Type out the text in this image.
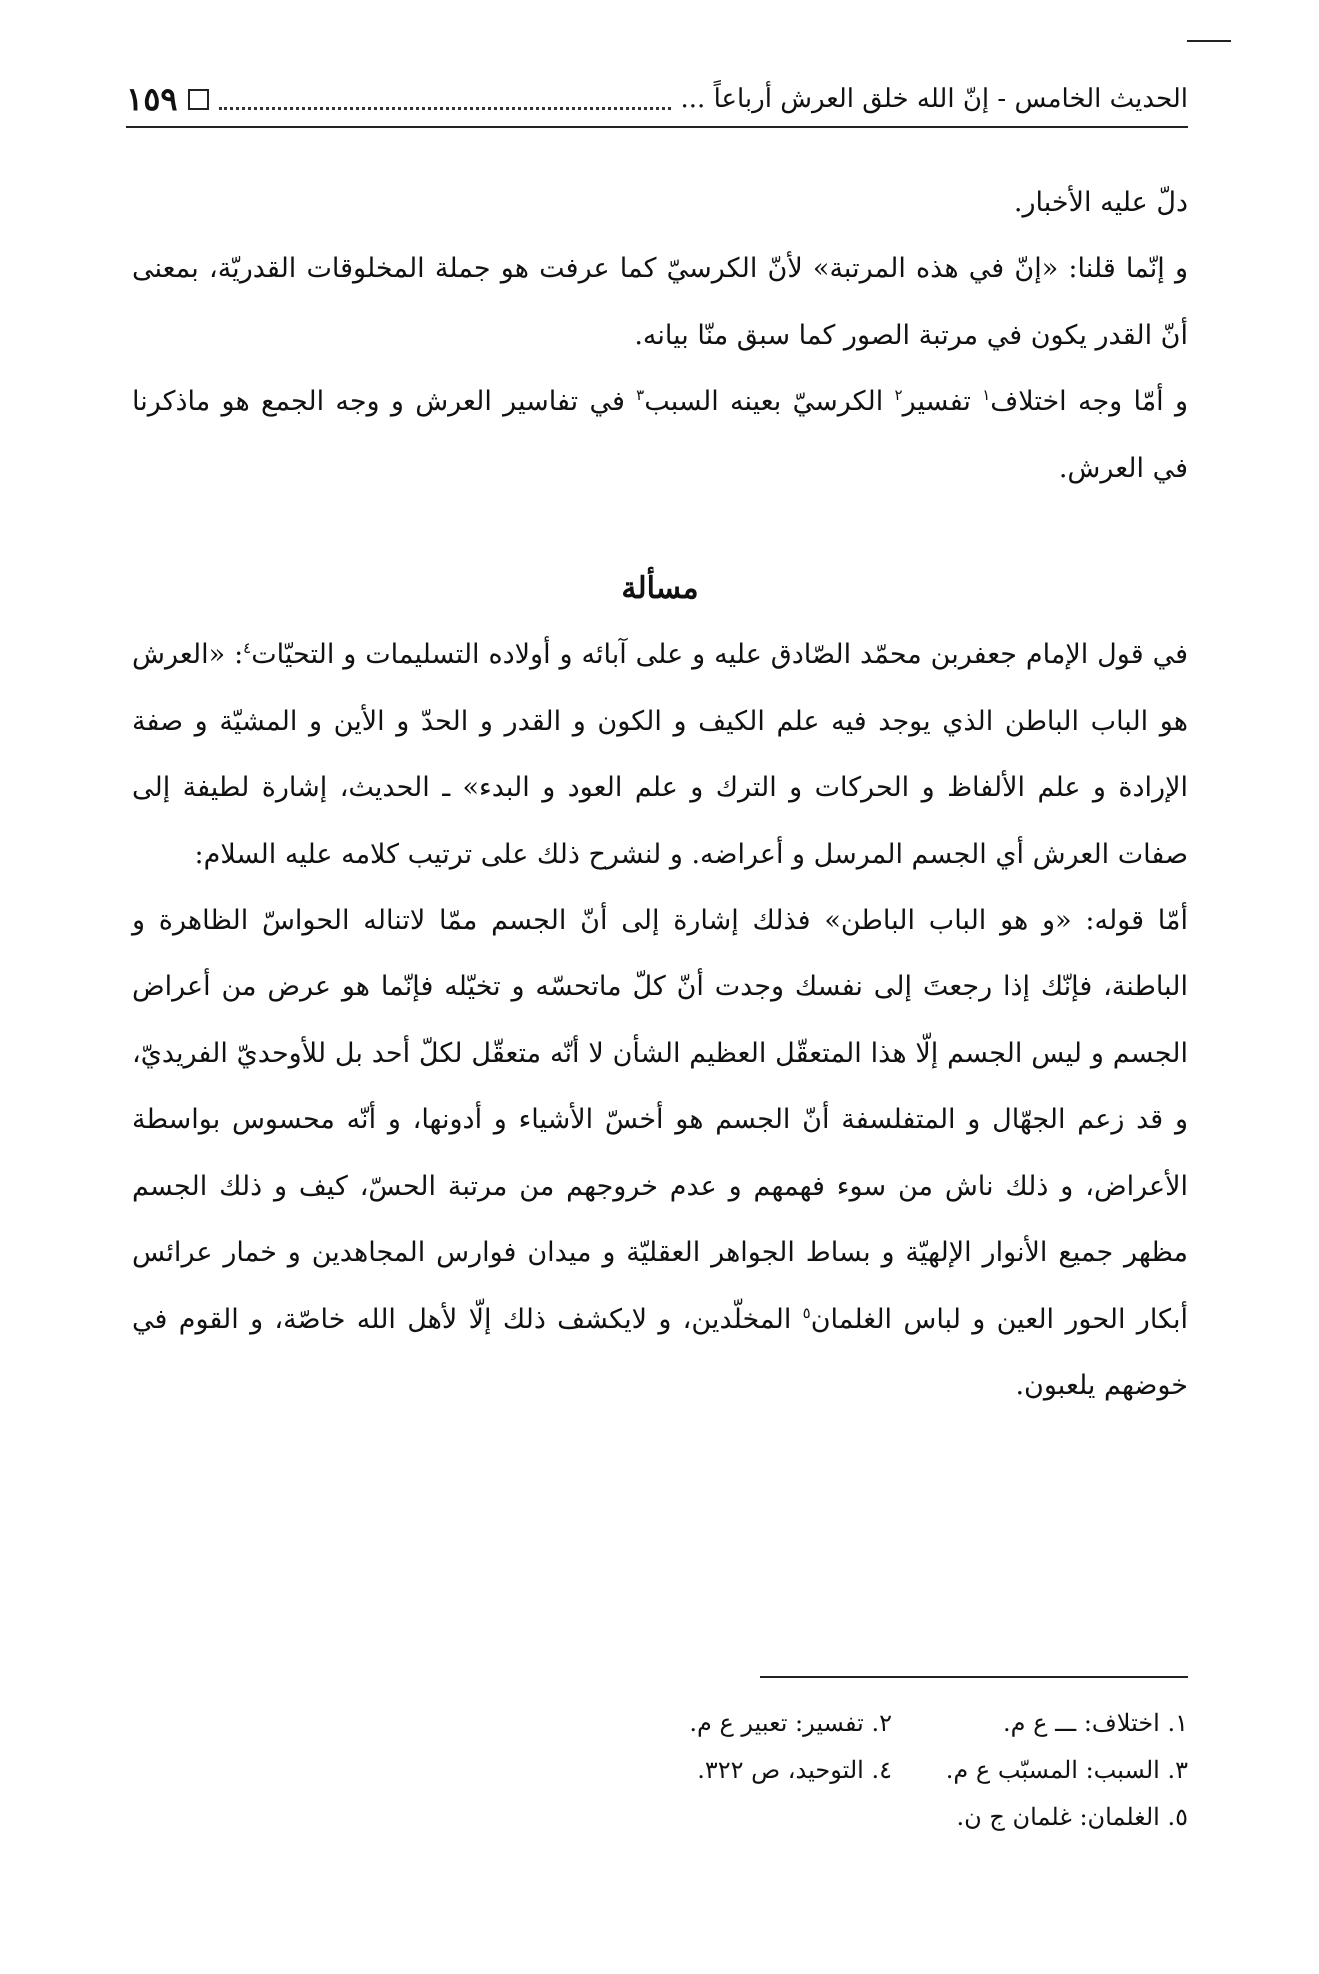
الحديث الخامس - إنّ الله خلق العرش أرباعاً ...
١٥٩

دلّ عليه الأخبار.

و إنّما قلنا: «إنّ في هذه المرتبة» لأنّ الكرسيّ كما عرفت هو جملة المخلوقات القدريّة، بمعنى أنّ القدر يكون في مرتبة الصور كما سبق منّا بيانه.

و أمّا وجه اختلاف$^١$ تفسير$^٢$ الكرسيّ بعينه السبب$^٣$ في تفاسير العرش و وجه الجمع هو ماذكرنا في العرش.

مسألة

في قول الإمام جعفربن محمّد الصّادق عليه و على آبائه و أولاده التسليمات و التحيّات$^٤$: «العرش هو الباب الباطن الذي يوجد فيه علم الكيف و الكون و القدر و الحدّ و الأين و المشيّة و صفة الإرادة و علم الألفاظ و الحركات و الترك و علم العود و البدء» ـ الحديث، إشارة لطيفة إلى صفات العرش أي الجسم المرسل و أعراضه. و لنشرح ذلك على ترتيب كلامه عليه السلام:

أمّا قوله: «و هو الباب الباطن» فذلك إشارة إلى أنّ الجسم ممّا لاتناله الحواسّ الظاهرة و الباطنة، فإنّك إذا رجعتَ إلى نفسك وجدت أنّ كلّ ماتحسّه و تخيّله فإنّما هو عرض من أعراض الجسم و ليس الجسم إلّا هذا المتعقّل العظيم الشأن لا أنّه متعقّل لكلّ أحد بل للأوحديّ الفريديّ، و قد زعم الجهّال و المتفلسفة أنّ الجسم هو أخسّ الأشياء و أدونها، و أنّه محسوس بواسطة الأعراض، و ذلك ناش من سوء فهمهم و عدم خروجهم من مرتبة الحسّ، كيف و ذلك الجسم مظهر جميع الأنوار الإلهيّة و بساط الجواهر العقليّة و ميدان فوارس المجاهدين و خمار عرائس أبكار الحور العين و لباس الغلمان$^٥$ المخلّدين، و لايكشف ذلك إلّا لأهل الله خاصّة، و القوم في خوضهم يلعبون.

١. اختلاف: ـــ ع م.
٢. تفسير: تعبير ع م.
٣. السبب: المسبّب ع م.
٤. التوحيد، ص ٣٢٢.
٥. الغلمان: غلمان ج ن.
